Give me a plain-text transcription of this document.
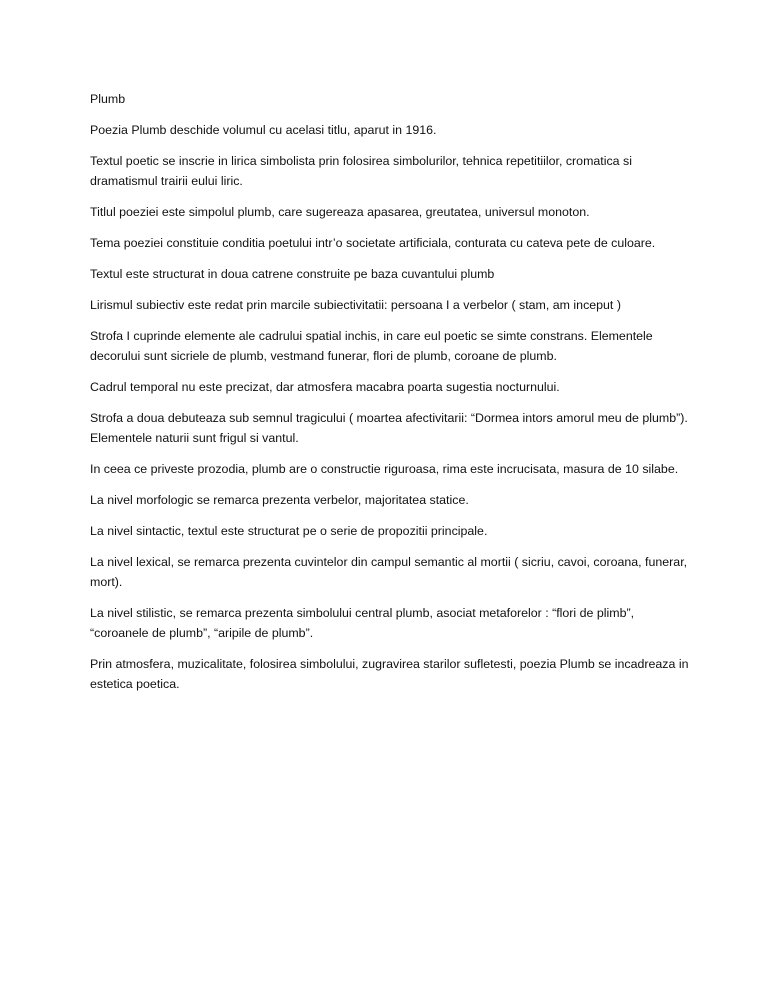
Plumb

Poezia Plumb deschide volumul cu acelasi titlu, aparut in 1916.

Textul poetic se inscrie in lirica simbolista prin folosirea simbolurilor, tehnica repetitiilor, cromatica si dramatismul trairii eului liric.

Titlul poeziei este simpolul plumb, care sugereaza apasarea, greutatea, universul monoton.

Tema poeziei constituie conditia poetului intr’o societate artificiala, conturata cu cateva pete de culoare.

Textul este structurat in doua catrene construite pe baza cuvantului plumb

Lirismul subiectiv este redat prin marcile subiectivitatii: persoana I a verbelor ( stam, am inceput )

Strofa I cuprinde elemente ale cadrului spatial inchis, in care eul poetic se simte constrans. Elementele decorului sunt sicriele de plumb, vestmand funerar, flori de plumb, coroane de plumb.

Cadrul temporal nu este precizat, dar atmosfera macabra poarta sugestia nocturnului.

Strofa a doua debuteaza sub semnul tragicului ( moartea afectivitarii: “Dormea intors amorul meu de plumb”). Elementele naturii sunt frigul si vantul.

In ceea ce priveste prozodia, plumb are o constructie riguroasa, rima este incrucisata, masura de 10 silabe.

La nivel morfologic se remarca prezenta verbelor, majoritatea statice.

La nivel sintactic, textul este structurat pe o serie de propozitii principale.

La nivel lexical, se remarca prezenta cuvintelor din campul semantic al mortii ( sicriu, cavoi, coroana, funerar, mort).

La nivel stilistic, se remarca prezenta simbolului central plumb, asociat metaforelor : “flori de plimb”, “coroanele de plumb”, “aripile de plumb”.

Prin atmosfera, muzicalitate, folosirea simbolului, zugravirea starilor sufletesti, poezia Plumb se incadreaza in estetica poetica.
